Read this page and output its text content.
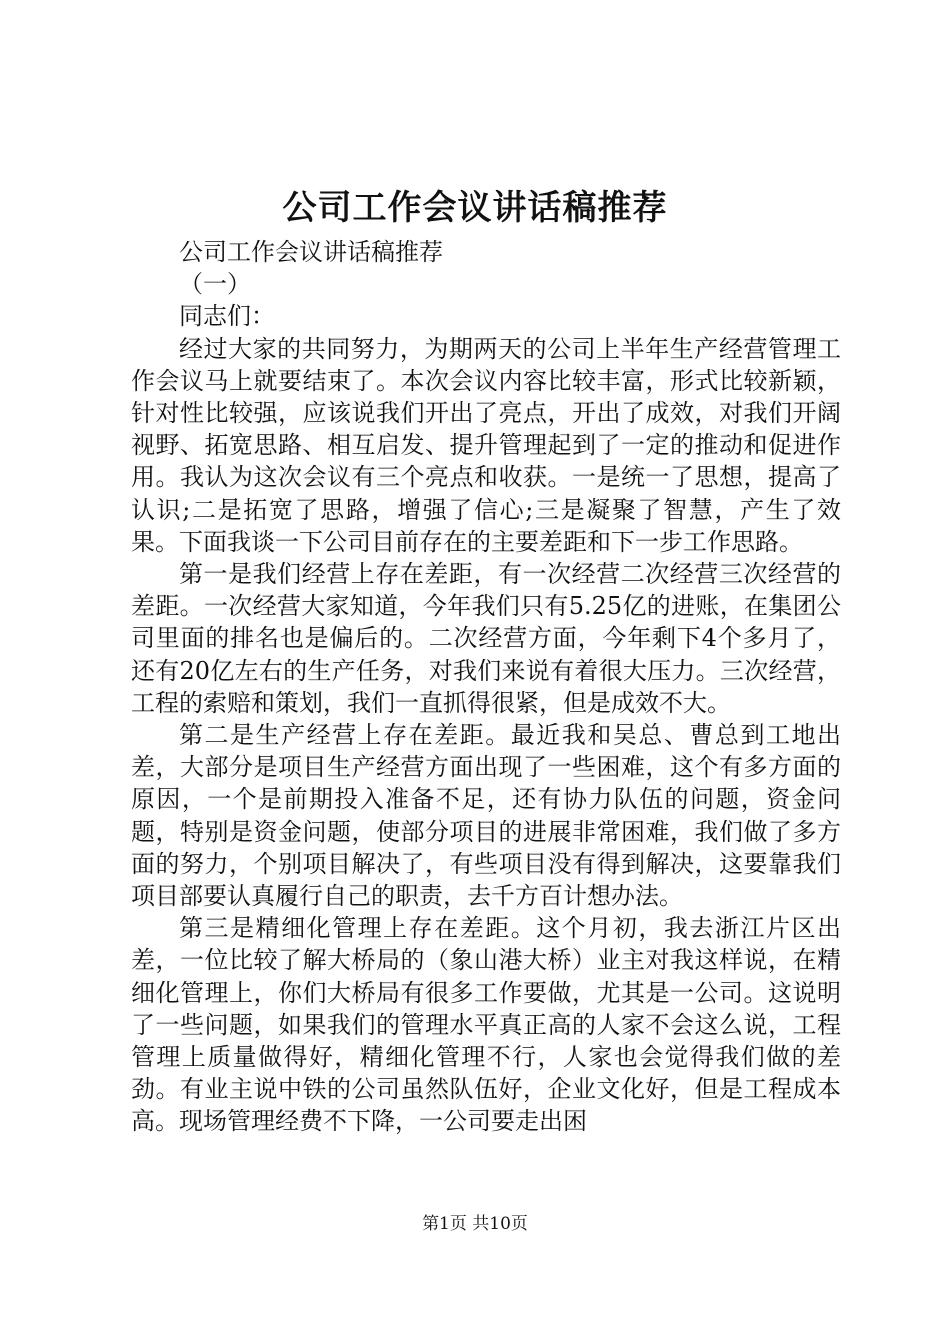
公司工作会议讲话稿推荐

公司工作会议讲话稿推荐

（一）

同志们：

经过大家的共同努力，为期两天的公司上半年生产经营管理工作会议马上就要结束了。本次会议内容比较丰富，形式比较新颖，针对性比较强，应该说我们开出了亮点，开出了成效，对我们开阔视野、拓宽思路、相互启发、提升管理起到了一定的推动和促进作用。我认为这次会议有三个亮点和收获。一是统一了思想，提高了认识;二是拓宽了思路，增强了信心;三是凝聚了智慧，产生了效果。下面我谈一下公司目前存在的主要差距和下一步工作思路。

第一是我们经营上存在差距，有一次经营二次经营三次经营的差距。一次经营大家知道，今年我们只有5.25亿的进账，在集团公司里面的排名也是偏后的。二次经营方面，今年剩下4个多月了，还有20亿左右的生产任务，对我们来说有着很大压力。三次经营，工程的索赔和策划，我们一直抓得很紧，但是成效不大。

第二是生产经营上存在差距。最近我和吴总、曹总到工地出差，大部分是项目生产经营方面出现了一些困难，这个有多方面的原因，一个是前期投入准备不足，还有协力队伍的问题，资金问题，特别是资金问题，使部分项目的进展非常困难，我们做了多方面的努力，个别项目解决了，有些项目没有得到解决，这要靠我们项目部要认真履行自己的职责，去千方百计想办法。

第三是精细化管理上存在差距。这个月初，我去浙江片区出差，一位比较了解大桥局的（象山港大桥）业主对我这样说，在精细化管理上，你们大桥局有很多工作要做，尤其是一公司。这说明了一些问题，如果我们的管理水平真正高的人家不会这么说，工程管理上质量做得好，精细化管理不行，人家也会觉得我们做的差劲。有业主说中铁的公司虽然队伍好，企业文化好，但是工程成本高。现场管理经费不下降，一公司要走出困

第1页 共10页
